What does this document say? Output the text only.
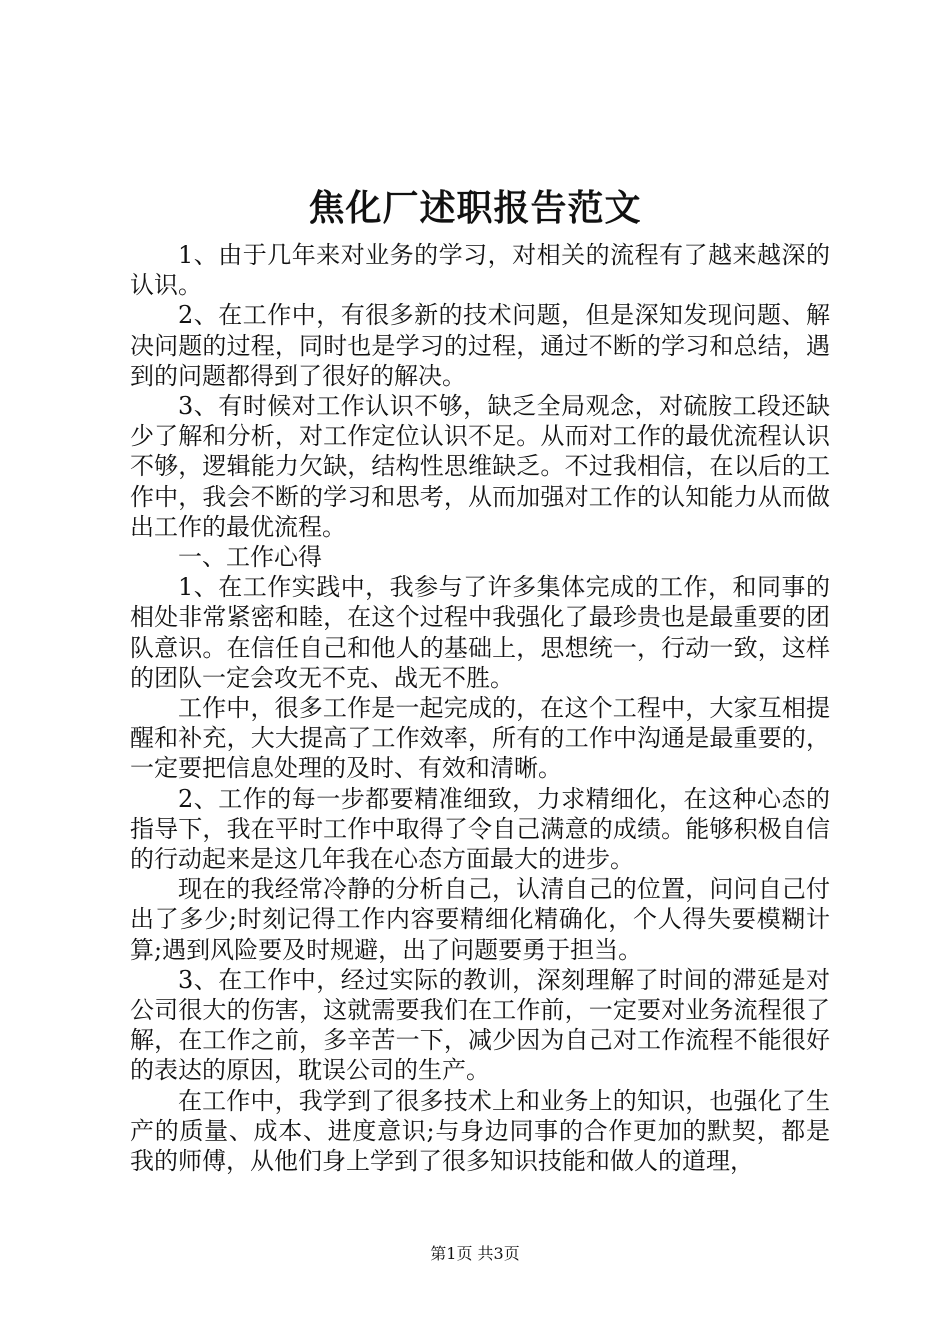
焦化厂述职报告范文

1、由于几年来对业务的学习，对相关的流程有了越来越深的认识。

2、在工作中，有很多新的技术问题，但是深知发现问题、解决问题的过程，同时也是学习的过程，通过不断的学习和总结，遇到的问题都得到了很好的解决。

3、有时候对工作认识不够，缺乏全局观念，对硫胺工段还缺少了解和分析，对工作定位认识不足。从而对工作的最优流程认识不够，逻辑能力欠缺，结构性思维缺乏。不过我相信，在以后的工作中，我会不断的学习和思考，从而加强对工作的认知能力从而做出工作的最优流程。

一、工作心得

1、在工作实践中，我参与了许多集体完成的工作，和同事的相处非常紧密和睦，在这个过程中我强化了最珍贵也是最重要的团队意识。在信任自己和他人的基础上，思想统一，行动一致，这样的团队一定会攻无不克、战无不胜。

工作中，很多工作是一起完成的，在这个工程中，大家互相提醒和补充，大大提高了工作效率，所有的工作中沟通是最重要的，一定要把信息处理的及时、有效和清晰。

2、工作的每一步都要精准细致，力求精细化，在这种心态的指导下，我在平时工作中取得了令自己满意的成绩。能够积极自信的行动起来是这几年我在心态方面最大的进步。

现在的我经常冷静的分析自己，认清自己的位置，问问自己付出了多少;时刻记得工作内容要精细化精确化，个人得失要模糊计算;遇到风险要及时规避，出了问题要勇于担当。

3、在工作中，经过实际的教训，深刻理解了时间的滞延是对公司很大的伤害，这就需要我们在工作前，一定要对业务流程很了解，在工作之前，多辛苦一下，减少因为自己对工作流程不能很好的表达的原因，耽误公司的生产。

在工作中，我学到了很多技术上和业务上的知识，也强化了生产的质量、成本、进度意识;与身边同事的合作更加的默契，都是我的师傅，从他们身上学到了很多知识技能和做人的道理，

第1页 共3页
